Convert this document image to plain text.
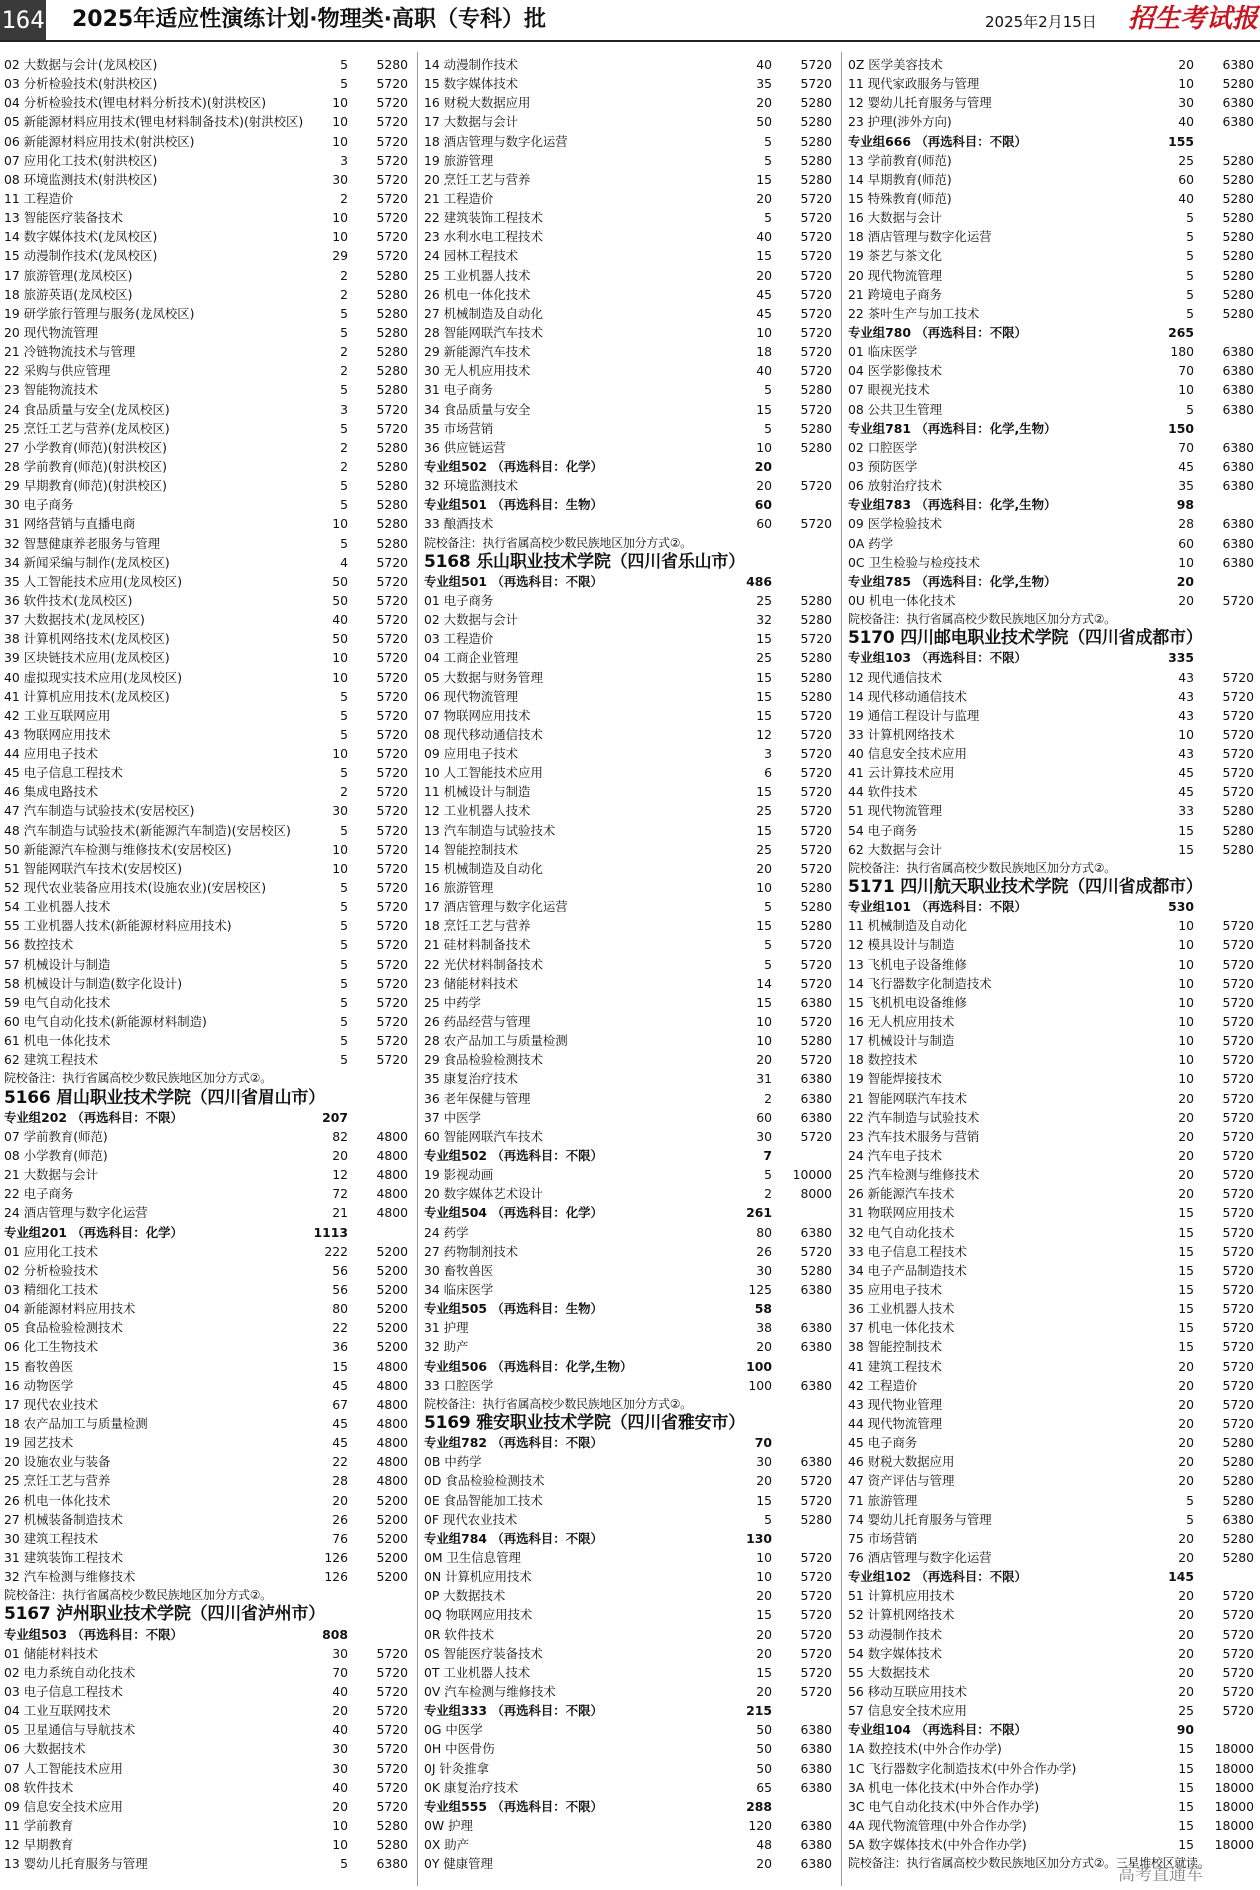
164 2025年适应性演练计划·物理类·高职（专科）批	2025年2月15日 招生考试报
02 大数据与会计(龙凤校区)	5	5280
03 分析检验技术(射洪校区)	5	5720
04 分析检验技术(锂电材料分析技术)(射洪校区)	10	5720
05 新能源材料应用技术(锂电材料制备技术)(射洪校区)	10	5720
06 新能源材料应用技术(射洪校区)	10	5720
07 应用化工技术(射洪校区)	3	5720
08 环境监测技术(射洪校区)	30	5720
11 工程造价	2	5720
13 智能医疗装备技术	10	5720
14 数字媒体技术(龙凤校区)	10	5720
15 动漫制作技术(龙凤校区)	29	5720
17 旅游管理(龙凤校区)	2	5280
18 旅游英语(龙凤校区)	2	5280
19 研学旅行管理与服务(龙凤校区)	5	5280
20 现代物流管理	5	5280
21 冷链物流技术与管理	2	5280
22 采购与供应管理	2	5280
23 智能物流技术	5	5280
24 食品质量与安全(龙凤校区)	3	5720
25 烹饪工艺与营养(龙凤校区)	5	5720
27 小学教育(师范)(射洪校区)	2	5280
28 学前教育(师范)(射洪校区)	2	5280
29 早期教育(师范)(射洪校区)	5	5280
30 电子商务	5	5280
31 网络营销与直播电商	10	5280
32 智慧健康养老服务与管理	5	5280
34 新闻采编与制作(龙凤校区)	4	5720
35 人工智能技术应用(龙凤校区)	50	5720
36 软件技术(龙凤校区)	50	5720
37 大数据技术(龙凤校区)	40	5720
38 计算机网络技术(龙凤校区)	50	5720
39 区块链技术应用(龙凤校区)	10	5720
40 虚拟现实技术应用(龙凤校区)	10	5720
41 计算机应用技术(龙凤校区)	5	5720
42 工业互联网应用	5	5720
43 物联网应用技术	5	5720
44 应用电子技术	10	5720
45 电子信息工程技术	5	5720
46 集成电路技术	2	5720
47 汽车制造与试验技术(安居校区)	30	5720
48 汽车制造与试验技术(新能源汽车制造)(安居校区)	5	5720
50 新能源汽车检测与维修技术(安居校区)	10	5720
51 智能网联汽车技术(安居校区)	10	5720
52 现代农业装备应用技术(设施农业)(安居校区)	5	5720
54 工业机器人技术	5	5720
55 工业机器人技术(新能源材料应用技术)	5	5720
56 数控技术	5	5720
57 机械设计与制造	5	5720
58 机械设计与制造(数字化设计)	5	5720
59 电气自动化技术	5	5720
60 电气自动化技术(新能源材料制造)	5	5720
61 机电一体化技术	5	5720
62 建筑工程技术	5	5720
院校备注：执行省属高校少数民族地区加分方式②。
5166 眉山职业技术学院（四川省眉山市）
专业组202 （再选科目：不限）	207
07 学前教育(师范)	82	4800
08 小学教育(师范)	20	4800
21 大数据与会计	12	4800
22 电子商务	72	4800
24 酒店管理与数字化运营	21	4800
专业组201 （再选科目：化学）	1113
01 应用化工技术	222	5200
02 分析检验技术	56	5200
03 精细化工技术	56	5200
04 新能源材料应用技术	80	5200
05 食品检验检测技术	22	5200
06 化工生物技术	36	5200
15 畜牧兽医	15	4800
16 动物医学	45	4800
17 现代农业技术	67	4800
18 农产品加工与质量检测	45	4800
19 园艺技术	45	4800
20 设施农业与装备	22	4800
25 烹饪工艺与营养	28	4800
26 机电一体化技术	20	5200
27 机械装备制造技术	26	5200
30 建筑工程技术	76	5200
31 建筑装饰工程技术	126	5200
32 汽车检测与维修技术	126	5200
院校备注：执行省属高校少数民族地区加分方式②。
5167 泸州职业技术学院（四川省泸州市）
专业组503 （再选科目：不限）	808
01 储能材料技术	30	5720
02 电力系统自动化技术	70	5720
03 电子信息工程技术	40	5720
04 工业互联网技术	20	5720
05 卫星通信与导航技术	40	5720
06 大数据技术	30	5720
07 人工智能技术应用	30	5720
08 软件技术	40	5720
09 信息安全技术应用	20	5720
11 学前教育	10	5280
12 早期教育	10	5280
13 婴幼儿托育服务与管理	5	6380
14 动漫制作技术	40	5720
15 数字媒体技术	35	5720
16 财税大数据应用	20	5280
17 大数据与会计	50	5280
18 酒店管理与数字化运营	5	5280
19 旅游管理	5	5280
20 烹饪工艺与营养	15	5280
21 工程造价	20	5720
22 建筑装饰工程技术	5	5720
23 水利水电工程技术	40	5720
24 园林工程技术	15	5720
25 工业机器人技术	20	5720
26 机电一体化技术	45	5720
27 机械制造及自动化	45	5720
28 智能网联汽车技术	10	5720
29 新能源汽车技术	18	5720
30 无人机应用技术	40	5720
31 电子商务	5	5280
34 食品质量与安全	15	5720
35 市场营销	5	5280
36 供应链运营	10	5280
专业组502 （再选科目：化学）	20
32 环境监测技术	20	5720
专业组501 （再选科目：生物）	60
33 酿酒技术	60	5720
院校备注：执行省属高校少数民族地区加分方式②。
5168 乐山职业技术学院（四川省乐山市）
专业组501 （再选科目：不限）	486
01 电子商务	25	5280
02 大数据与会计	32	5280
03 工程造价	15	5720
04 工商企业管理	25	5280
05 大数据与财务管理	15	5280
06 现代物流管理	15	5280
07 物联网应用技术	15	5720
08 现代移动通信技术	12	5720
09 应用电子技术	3	5720
10 人工智能技术应用	6	5720
11 机械设计与制造	15	5720
12 工业机器人技术	25	5720
13 汽车制造与试验技术	15	5720
14 智能控制技术	25	5720
15 机械制造及自动化	20	5720
16 旅游管理	10	5280
17 酒店管理与数字化运营	5	5280
18 烹饪工艺与营养	15	5280
21 硅材料制备技术	5	5720
22 光伏材料制备技术	5	5720
23 储能材料技术	14	5720
25 中药学	15	6380
26 药品经营与管理	10	5720
28 农产品加工与质量检测	10	5280
29 食品检验检测技术	20	5720
35 康复治疗技术	31	6380
36 老年保健与管理	2	6380
37 中医学	60	6380
60 智能网联汽车技术	30	5720
专业组502 （再选科目：不限）	7
19 影视动画	5	10000
20 数字媒体艺术设计	2	8000
专业组504 （再选科目：化学）	261
24 药学	80	6380
27 药物制剂技术	26	5720
30 畜牧兽医	30	5280
34 临床医学	125	6380
专业组505 （再选科目：生物）	58
31 护理	38	6380
32 助产	20	6380
专业组506 （再选科目：化学,生物）	100
33 口腔医学	100	6380
院校备注：执行省属高校少数民族地区加分方式②。
5169 雅安职业技术学院（四川省雅安市）
专业组782 （再选科目：不限）	70
0B 中药学	30	6380
0D 食品检验检测技术	20	5720
0E 食品智能加工技术	15	5720
0F 现代农业技术	5	5280
专业组784 （再选科目：不限）	130
0M 卫生信息管理	10	5720
0N 计算机应用技术	10	5720
0P 大数据技术	20	5720
0Q 物联网应用技术	15	5720
0R 软件技术	20	5720
0S 智能医疗装备技术	20	5720
0T 工业机器人技术	15	5720
0V 汽车检测与维修技术	20	5720
专业组333 （再选科目：不限）	215
0G 中医学	50	6380
0H 中医骨伤	50	6380
0J 针灸推拿	50	6380
0K 康复治疗技术	65	6380
专业组555 （再选科目：不限）	288
0W 护理	120	6380
0X 助产	48	6380
0Y 健康管理	20	6380
0Z 医学美容技术	20	6380
11 现代家政服务与管理	10	5280
12 婴幼儿托育服务与管理	30	6380
23 护理(涉外方向)	40	6380
专业组666 （再选科目：不限）	155
13 学前教育(师范)	25	5280
14 早期教育(师范)	60	5280
15 特殊教育(师范)	40	5280
16 大数据与会计	5	5280
18 酒店管理与数字化运营	5	5280
19 茶艺与茶文化	5	5280
20 现代物流管理	5	5280
21 跨境电子商务	5	5280
22 茶叶生产与加工技术	5	5280
专业组780 （再选科目：不限）	265
01 临床医学	180	6380
04 医学影像技术	70	6380
07 眼视光技术	10	6380
08 公共卫生管理	5	6380
专业组781 （再选科目：化学,生物）	150
02 口腔医学	70	6380
03 预防医学	45	6380
06 放射治疗技术	35	6380
专业组783 （再选科目：化学,生物）	98
09 医学检验技术	28	6380
0A 药学	60	6380
0C 卫生检验与检疫技术	10	6380
专业组785 （再选科目：化学,生物）	20
0U 机电一体化技术	20	5720
院校备注：执行省属高校少数民族地区加分方式②。
5170 四川邮电职业技术学院（四川省成都市）
专业组103 （再选科目：不限）	335
12 现代通信技术	43	5720
14 现代移动通信技术	43	5720
19 通信工程设计与监理	43	5720
33 计算机网络技术	10	5720
40 信息安全技术应用	43	5720
41 云计算技术应用	45	5720
44 软件技术	45	5720
51 现代物流管理	33	5280
54 电子商务	15	5280
62 大数据与会计	15	5280
院校备注：执行省属高校少数民族地区加分方式②。
5171 四川航天职业技术学院（四川省成都市）
专业组101 （再选科目：不限）	530
11 机械制造及自动化	10	5720
12 模具设计与制造	10	5720
13 飞机电子设备维修	10	5720
14 飞行器数字化制造技术	10	5720
15 飞机机电设备维修	10	5720
16 无人机应用技术	10	5720
17 机械设计与制造	10	5720
18 数控技术	10	5720
19 智能焊接技术	10	5720
21 智能网联汽车技术	20	5720
22 汽车制造与试验技术	20	5720
23 汽车技术服务与营销	20	5720
24 汽车电子技术	20	5720
25 汽车检测与维修技术	20	5720
26 新能源汽车技术	20	5720
31 物联网应用技术	15	5720
32 电气自动化技术	15	5720
33 电子信息工程技术	15	5720
34 电子产品制造技术	15	5720
35 应用电子技术	15	5720
36 工业机器人技术	15	5720
37 机电一体化技术	15	5720
38 智能控制技术	15	5720
41 建筑工程技术	20	5720
42 工程造价	20	5720
43 现代物业管理	20	5720
44 现代物流管理	20	5720
45 电子商务	20	5280
46 财税大数据应用	20	5280
47 资产评估与管理	20	5280
71 旅游管理	5	5280
74 婴幼儿托育服务与管理	5	6380
75 市场营销	20	5280
76 酒店管理与数字化运营	20	5280
专业组102 （再选科目：不限）	145
51 计算机应用技术	20	5720
52 计算机网络技术	20	5720
53 动漫制作技术	20	5720
54 数字媒体技术	20	5720
55 大数据技术	20	5720
56 移动互联应用技术	20	5720
57 信息安全技术应用	25	5720
专业组104 （再选科目：不限）	90
1A 数控技术(中外合作办学)	15	18000
1C 飞行器数字化制造技术(中外合作办学)	15	18000
3A 机电一体化技术(中外合作办学)	15	18000
3C 电气自动化技术(中外合作办学)	15	18000
4A 现代物流管理(中外合作办学)	15	18000
5A 数字媒体技术(中外合作办学)	15	18000
院校备注：执行省属高校少数民族地区加分方式②。三星堆校区就读。
高考直通车
